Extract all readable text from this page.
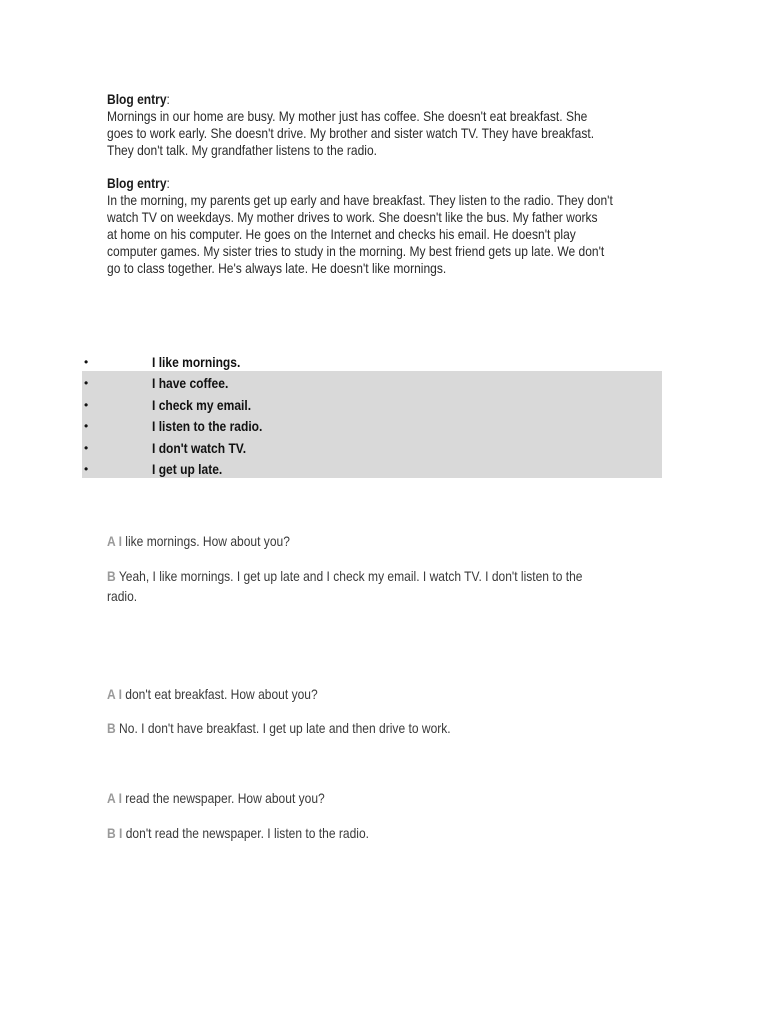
Blog entry:
Mornings in our home are busy. My mother just has coffee. She doesn't eat breakfast. She
goes to work early. She doesn't drive. My brother and sister watch TV. They have breakfast.
They don't talk. My grandfather listens to the radio.
Blog entry:
In the morning, my parents get up early and have breakfast. They listen to the radio. They don't
watch TV on weekdays. My mother drives to work. She doesn't like the bus. My father works
at home on his computer. He goes on the Internet and checks his email. He doesn't play
computer games. My sister tries to study in the morning. My best friend gets up late. We don't
go to class together. He's always late. He doesn't like mornings.
•	I like mornings.
•	I have coffee.
•	I check my email.
•	I listen to the radio.
•	I don't watch TV.
•	I get up late.
A I like mornings. How about you?
B Yeah, I like mornings. I get up late and I check my email. I watch TV. I don't listen to the
radio.
A I don't eat breakfast. How about you?
B No. I don't have breakfast. I get up late and then drive to work.
A I read the newspaper. How about you?
B I don't read the newspaper. I listen to the radio.
